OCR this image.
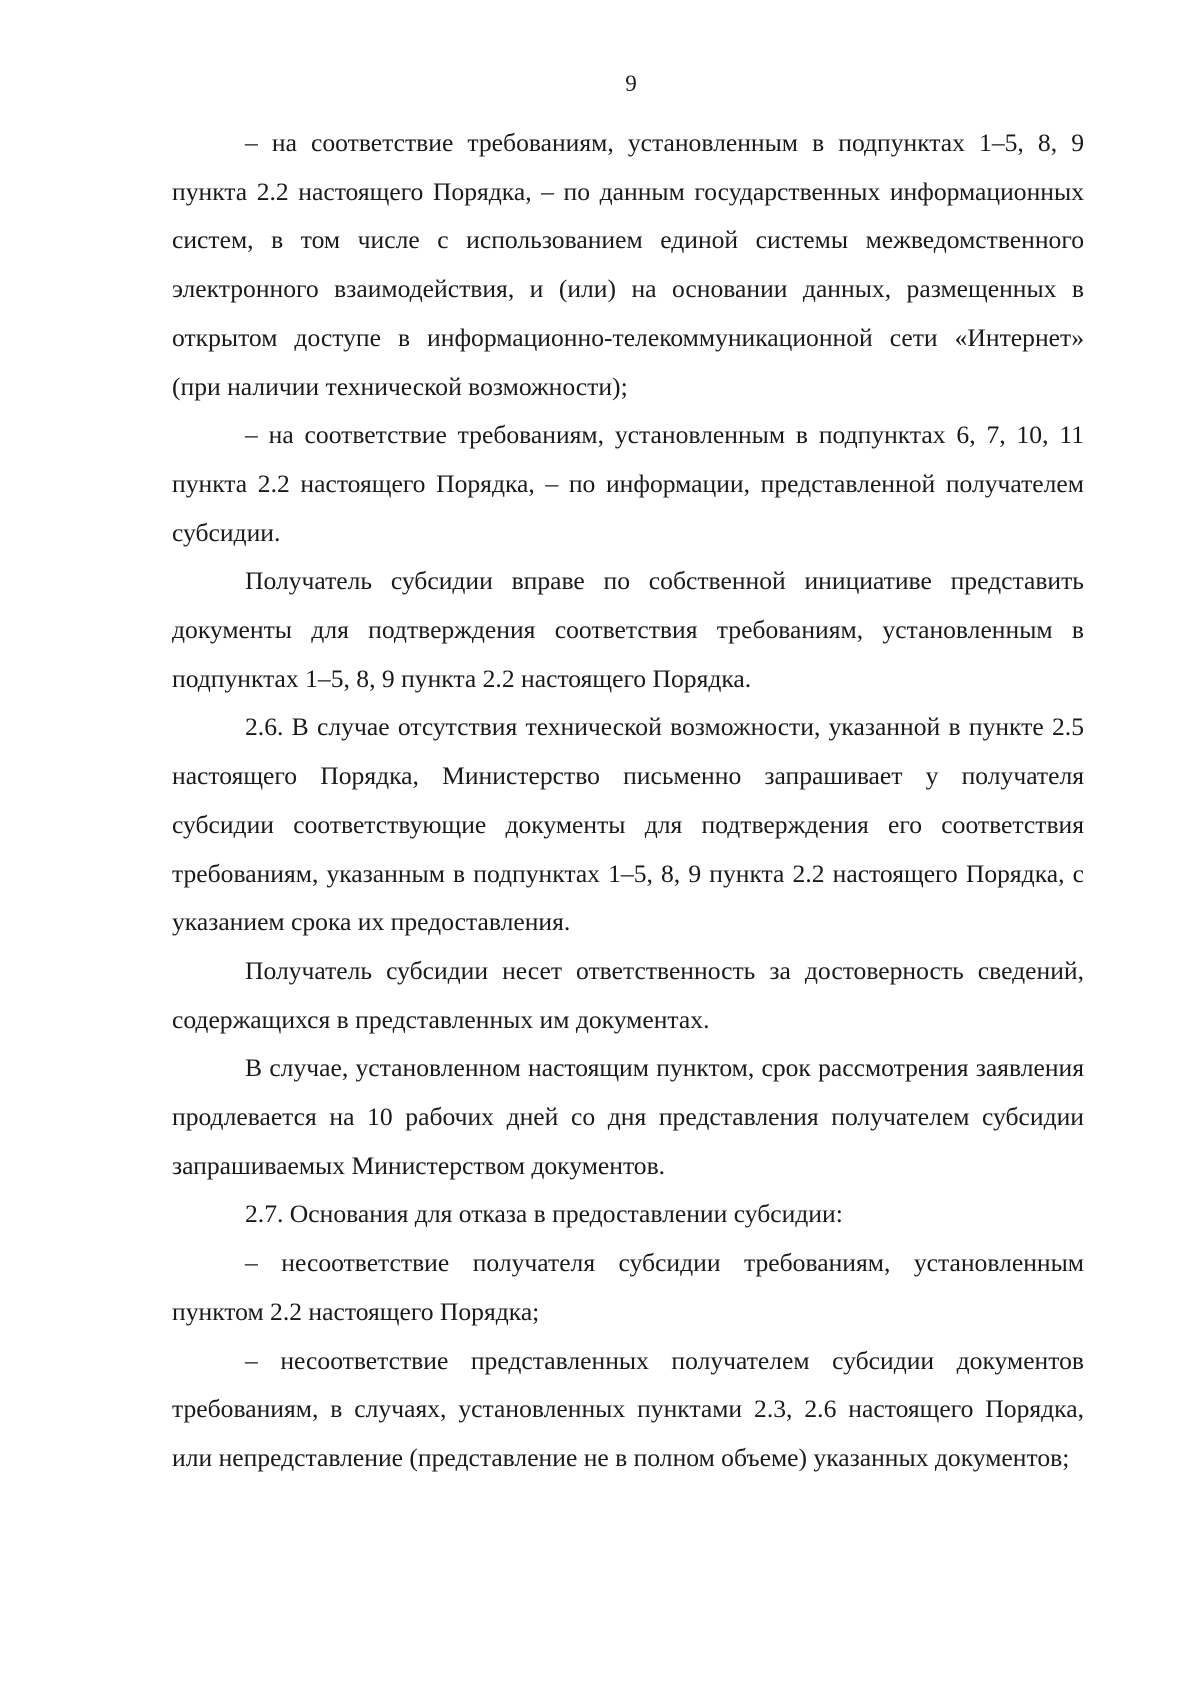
9

– на соответствие требованиям, установленным в подпунктах 1–5, 8, 9 пункта 2.2 настоящего Порядка, – по данным государственных информационных систем, в том числе с использованием единой системы межведомственного электронного взаимодействия, и (или) на основании данных, размещенных в открытом доступе в информационно-телекоммуникационной сети «Интернет» (при наличии технической возможности);

– на соответствие требованиям, установленным в подпунктах 6, 7, 10, 11 пункта 2.2 настоящего Порядка, – по информации, представленной получателем субсидии.

Получатель субсидии вправе по собственной инициативе представить документы для подтверждения соответствия требованиям, установленным в подпунктах 1–5, 8, 9 пункта 2.2 настоящего Порядка.

2.6. В случае отсутствия технической возможности, указанной в пункте 2.5 настоящего Порядка, Министерство письменно запрашивает у получателя субсидии соответствующие документы для подтверждения его соответствия требованиям, указанным в подпунктах 1–5, 8, 9 пункта 2.2 настоящего Порядка, с указанием срока их предоставления.

Получатель субсидии несет ответственность за достоверность сведений, содержащихся в представленных им документах.

В случае, установленном настоящим пунктом, срок рассмотрения заявления продлевается на 10 рабочих дней со дня представления получателем субсидии запрашиваемых Министерством документов.

2.7. Основания для отказа в предоставлении субсидии:

– несоответствие получателя субсидии требованиям, установленным пунктом 2.2 настоящего Порядка;

– несоответствие представленных получателем субсидии документов требованиям, в случаях, установленных пунктами 2.3, 2.6 настоящего Порядка, или непредставление (представление не в полном объеме) указанных документов;
